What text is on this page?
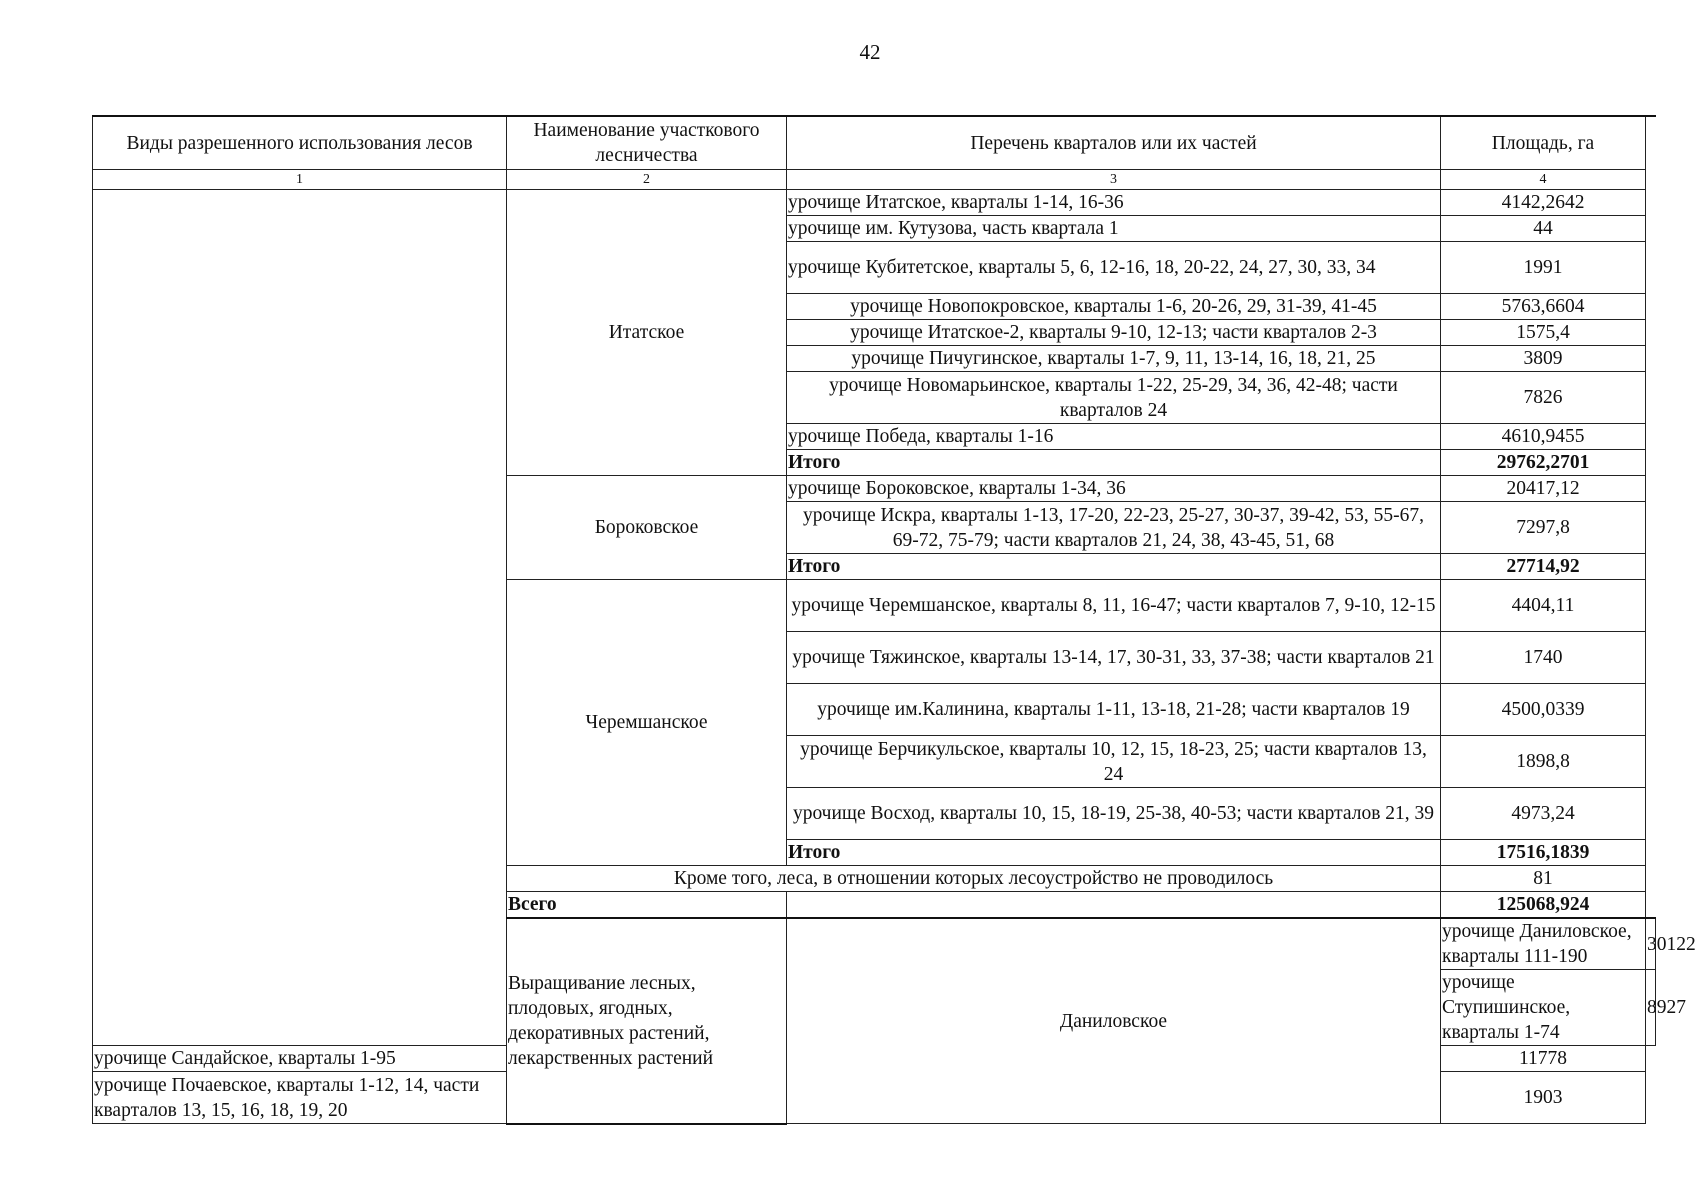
42
Виды разрешенного использования лесов	Наименование участкового лесничества	Перечень кварталов или их частей	Площадь, га	
1	2	3	4	
	Итатское	урочище Итатское, кварталы 1-14, 16-36	4142,2642	
		урочище им. Кутузова, часть квартала 1	44	
		урочище Кубитетское, кварталы 5, 6, 12-16, 18, 20-22, 24, 27, 30, 33, 34	1991	
		урочище Новопокровское, кварталы 1-6, 20-26, 29, 31-39, 41-45	5763,6604	
		урочище Итатское-2, кварталы 9-10, 12-13; части кварталов 2-3	1575,4	
		урочище Пичугинское, кварталы 1-7, 9, 11, 13-14, 16, 18, 21, 25	3809	
		урочище Новомарьинское, кварталы 1-22, 25-29, 34, 36, 42-48; части кварталов 24	7826	
		урочище Победа, кварталы 1-16	4610,9455	
		Итого	29762,2701	
	Бороковское	урочище Бороковское, кварталы 1-34, 36	20417,12	
		урочище Искра, кварталы 1-13, 17-20, 22-23, 25-27, 30-37, 39-42, 53, 55-67, 69-72, 75-79; части кварталов 21, 24, 38, 43-45, 51, 68	7297,8	
		Итого	27714,92	
	Черемшанское	урочище Черемшанское, кварталы 8, 11, 16-47; части кварталов 7, 9-10, 12-15	4404,11	
		урочище Тяжинское, кварталы 13-14, 17, 30-31, 33, 37-38; части кварталов 21	1740	
		урочище им.Калинина, кварталы 1-11, 13-18, 21-28; части кварталов 19	4500,0339	
		урочище Берчикульское, кварталы 10, 12, 15, 18-23, 25; части кварталов 13, 24	1898,8	
		урочище Восход, кварталы 10, 15, 18-19, 25-38, 40-53; части кварталов 21, 39	4973,24	
		Итого	17516,1839	
	Кроме того, леса, в отношении которых лесоустройство не проводилось		81	
	Всего		125068,924	
	Выращивание лесных, плодовых, ягодных, декоративных растений, лекарственных растений	Даниловское	урочище Даниловское, кварталы 111-190	30122
			урочище Ступишинское, кварталы 1-74	8927
урочище Сандайское, кварталы 1-95			11778	
урочище Почаевское, кварталы 1-12, 14, части кварталов 13, 15, 16, 18, 19, 20			1903	
